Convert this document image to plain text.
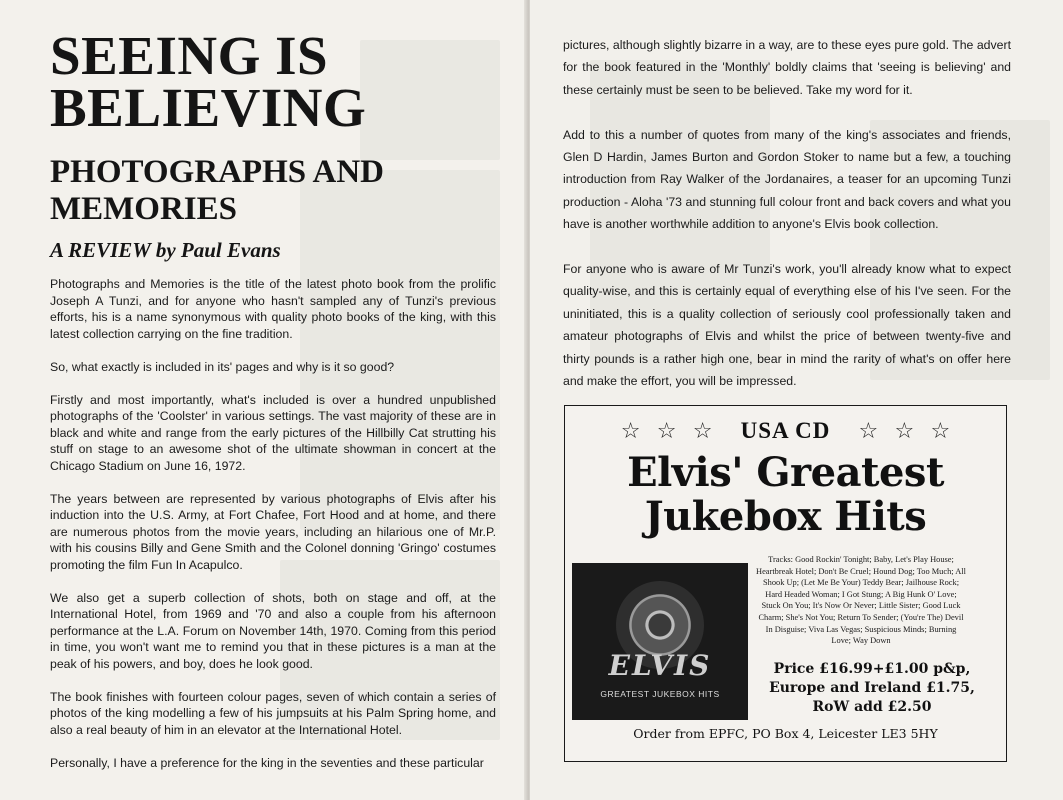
SEEING IS
BELIEVING
PHOTOGRAPHS AND
MEMORIES

A REVIEW by Paul Evans

Photographs and Memories is the title of the latest photo book from the prolific Joseph A Tunzi, and for anyone who hasn't sampled any of Tunzi's previous efforts, his is a name synonymous with quality photo books of the king, with this latest collection carrying on the fine tradition.

So, what exactly is included in its' pages and why is it so good?

Firstly and most importantly, what's included is over a hundred unpublished photographs of the 'Coolster' in various settings. The vast majority of these are in black and white and range from the early pictures of the Hillbilly Cat strutting his stuff on stage to an awesome shot of the ultimate showman in concert at the Chicago Stadium on June 16, 1972.

The years between are represented by various photographs of Elvis after his induction into the U.S. Army, at Fort Chafee, Fort Hood and at home, and there are numerous photos from the movie years, including an hilarious one of Mr.P. with his cousins Billy and Gene Smith and the Colonel donning 'Gringo' costumes promoting the film Fun In Acapulco.

We also get a superb collection of shots, both on stage and off, at the International Hotel, from 1969 and '70 and also a couple from his afternoon performance at the L.A. Forum on November 14th, 1970. Coming from this period in time, you won't want me to remind you that in these pictures is a man at the peak of his powers, and boy, does he look good.

The book finishes with fourteen colour pages, seven of which contain a series of photos of the king modelling a few of his jumpsuits at his Palm Spring home, and also a real beauty of him in an elevator at the International Hotel.

Personally, I have a preference for the king in the seventies and these particular

pictures, although slightly bizarre in a way, are to these eyes pure gold. The advert for the book featured in the 'Monthly' boldly claims that 'seeing is believing' and these certainly must be seen to be believed. Take my word for it.

Add to this a number of quotes from many of the king's associates and friends, Glen D Hardin, James Burton and Gordon Stoker to name but a few, a touching introduction from Ray Walker of the Jordanaires, a teaser for an upcoming Tunzi production - Aloha '73 and stunning full colour front and back covers and what you have is another worthwhile addition to anyone's Elvis book collection.

For anyone who is aware of Mr Tunzi's work, you'll already know what to expect quality-wise, and this is certainly equal of everything else of his I've seen. For the uninitiated, this is a quality collection of seriously cool professionally taken and amateur photographs of Elvis and whilst the price of between twenty-five and thirty pounds is a rather high one, bear in mind the rarity of what's on offer here and make the effort, you will be impressed.

☆ ☆ ☆	USA CD	☆ ☆ ☆
Elvis' Greatest
Jukebox Hits
ELVIS
GREATEST JUKEBOX HITS
Tracks: Good Rockin' Tonight; Baby, Let's Play House; Heartbreak Hotel; Don't Be Cruel; Hound Dog; Too Much; All Shook Up; (Let Me Be Your) Teddy Bear; Jailhouse Rock; Hard Headed Woman; I Got Stung; A Big Hunk O' Love; Stuck On You; It's Now Or Never; Little Sister; Good Luck Charm; She's Not You; Return To Sender; (You're The) Devil In Disguise; Viva Las Vegas; Suspicious Minds; Burning Love; Way Down
Price £16.99+£1.00 p&p,
Europe and Ireland £1.75,
RoW add £2.50
Order from EPFC, PO Box 4, Leicester LE3 5HY
